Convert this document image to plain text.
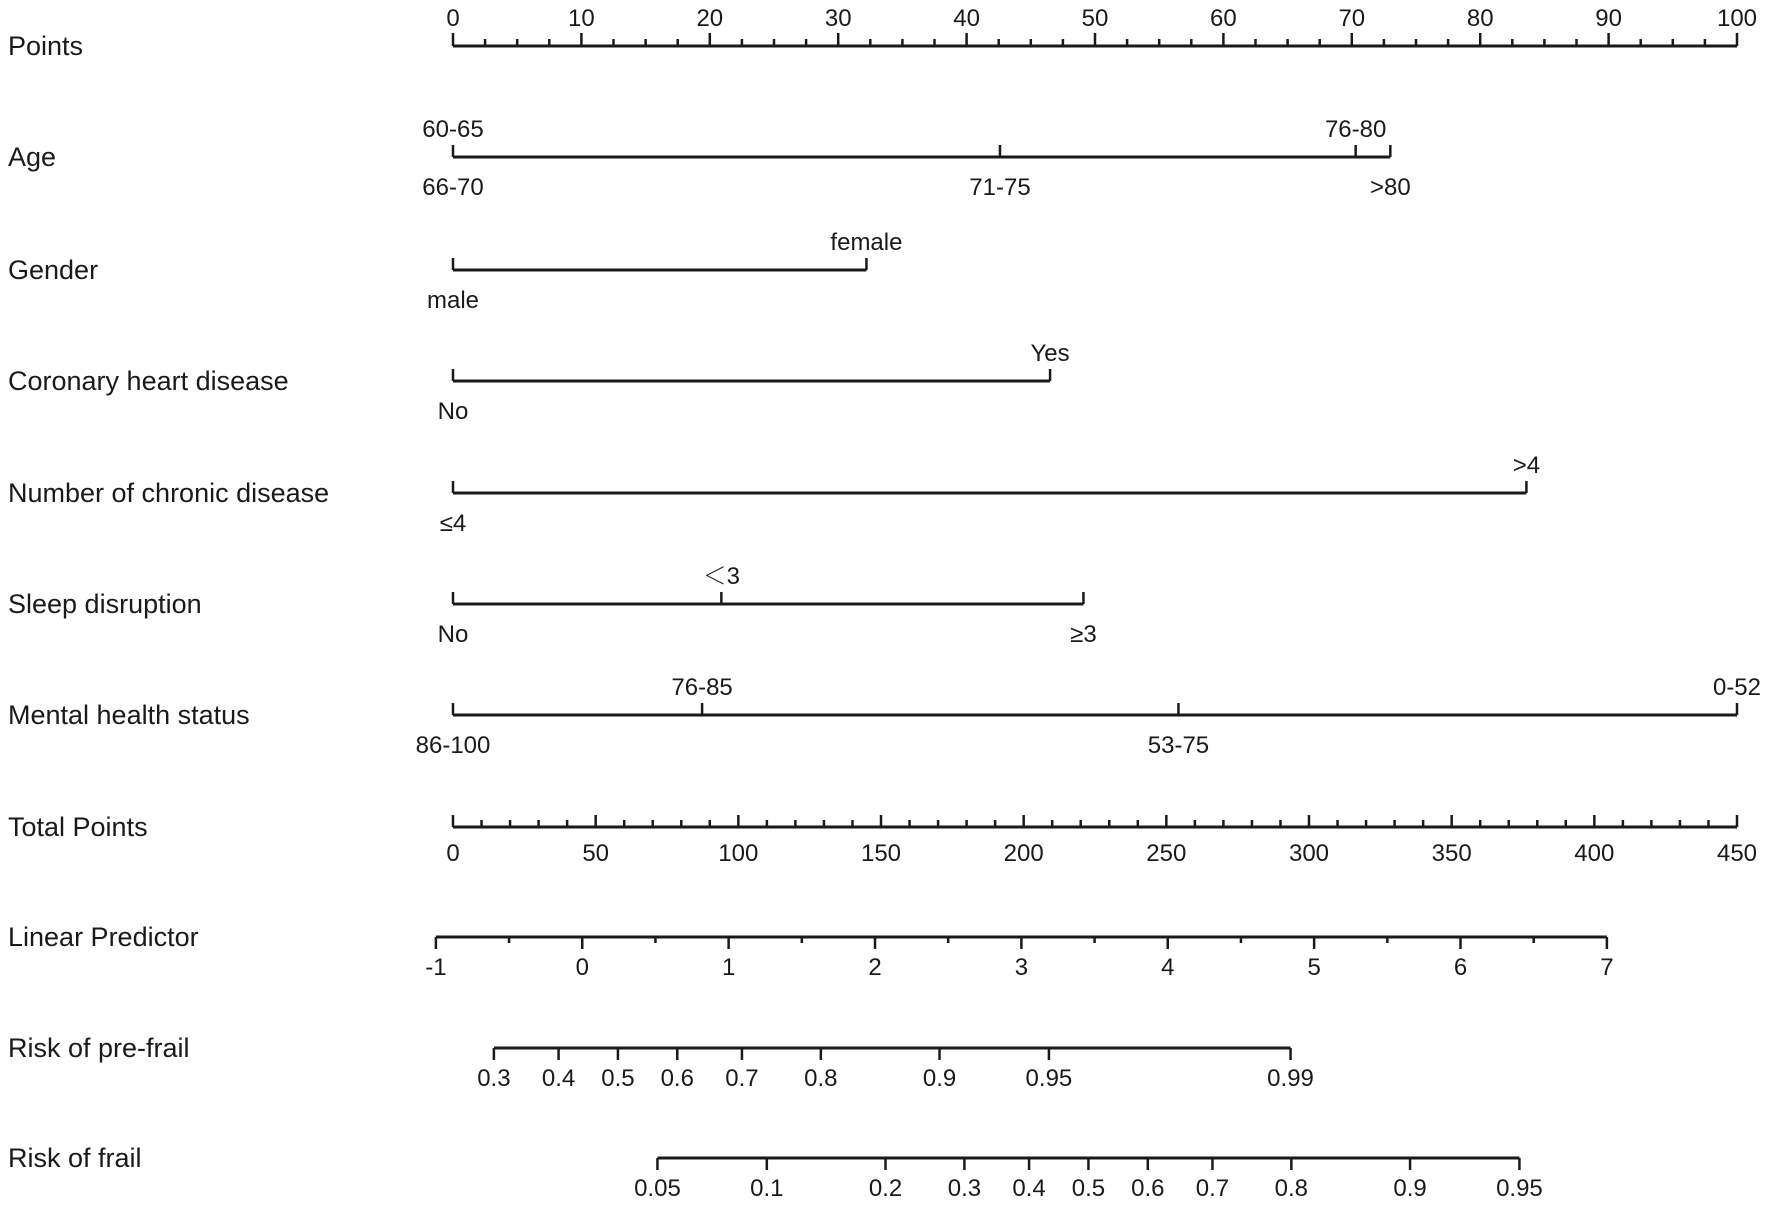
Points
0	10	20	30	40	50	60	70	80	90	100
Age
60-65
66-70	71-75
76-80
>80
Gender
male
female
Coronary heart disease
No
Yes
Number of chronic disease
≤4
>4
Sleep disruption
No
＜3
≥3
Mental health status
86-100
76-85
53-75
0-52
Total Points
0	50	100	150	200	250	300	350	400	450
Linear Predictor
-1	0	1	2	3	4	5	6	7
Risk of pre-frail
0.3 0.4 0.5 0.6 0.7 0.8	0.9	0.95	0.99
Risk of frail
0.05	0.1	0.2 0.3 0.4 0.5 0.6 0.7 0.8	0.9	0.95
